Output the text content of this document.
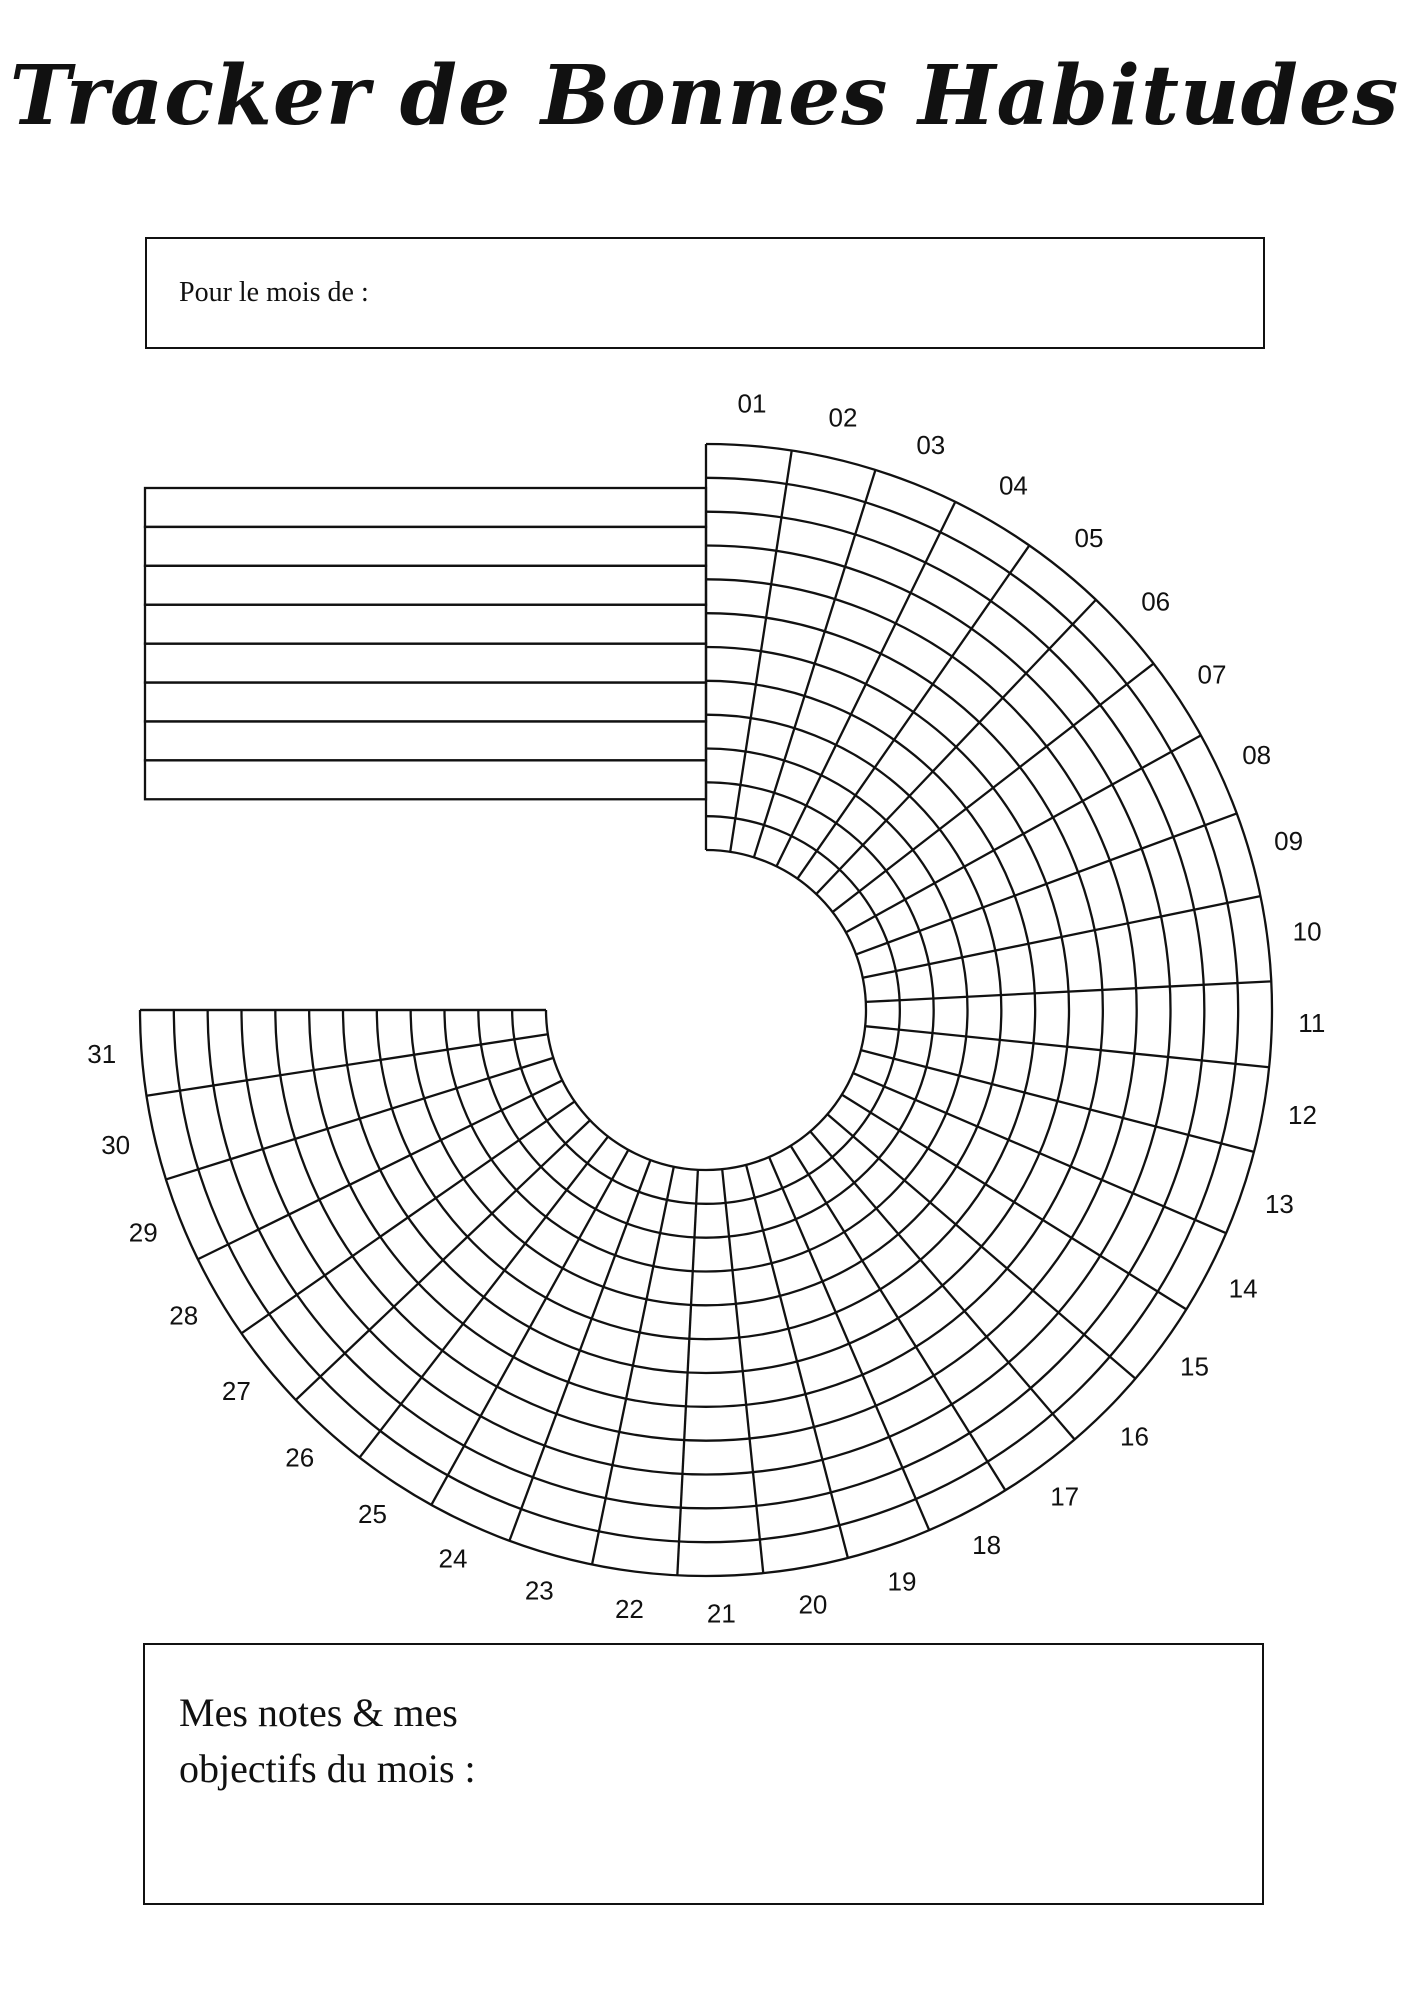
Tracker de Bonnes Habitudes
Pour le mois de :
01 02
03
04
05
06
07
08
09
10
11
12
13
14
15
16
17
18
19
20
21
22
23
24
25
26
27
28
29
30
31
Mes notes & mes objectifs du mois :
